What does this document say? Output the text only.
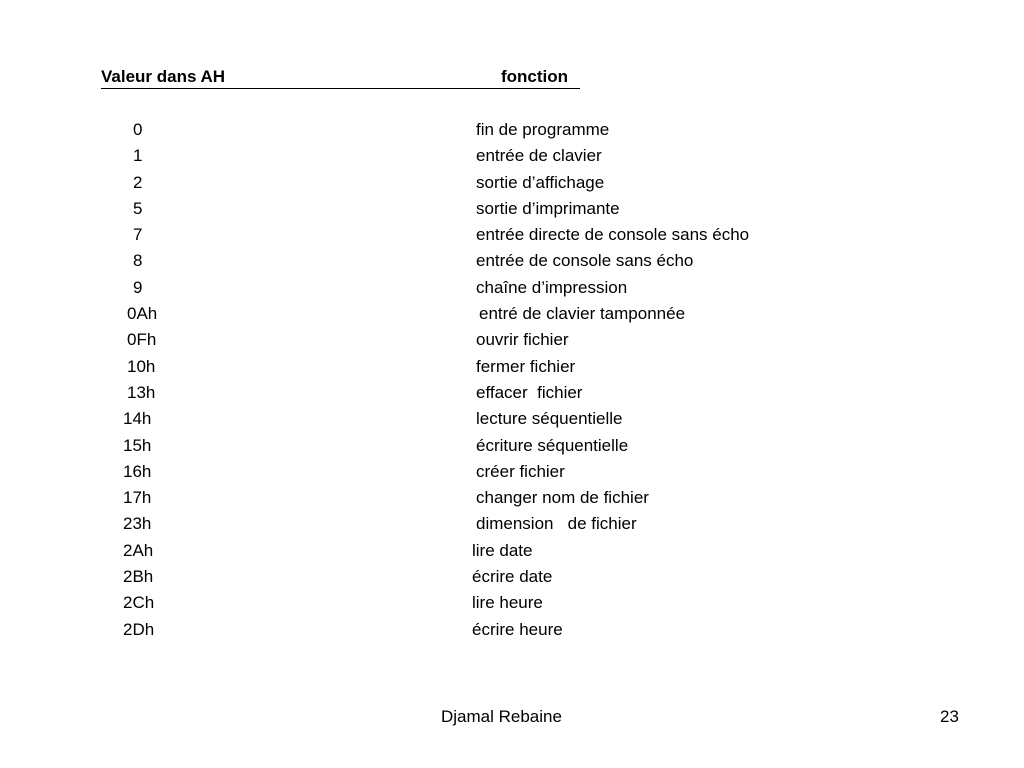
Valeur dans AH	fonction
0	fin de programme
1	entrée de clavier
2	sortie d’affichage
5	sortie d’imprimante
7	entrée directe de console sans écho
8	entrée de console sans écho
9	chaîne d’impression
0Ah	entré de clavier tamponnée
0Fh	ouvrir fichier
10h	fermer fichier
13h	effacer  fichier
14h	lecture séquentielle
15h	écriture séquentielle
16h	créer fichier
17h	changer nom de fichier
23h	dimension   de fichier
2Ah	lire date
2Bh	écrire date
2Ch	lire heure
2Dh	écrire heure
Djamal Rebaine	23
